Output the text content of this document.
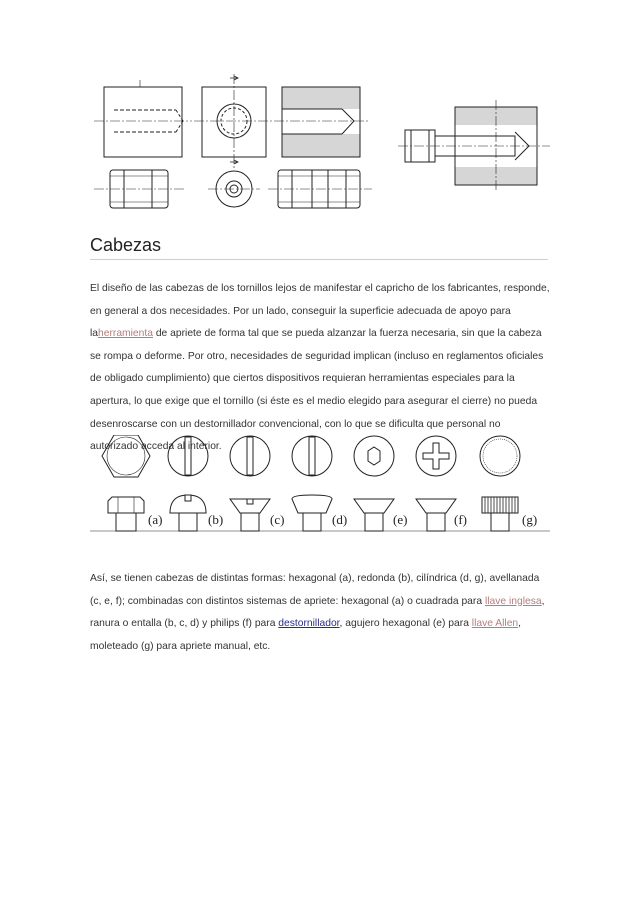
Cabezas

El diseño de las cabezas de los tornillos lejos de manifestar el capricho de los fabricantes, responde,
en general a dos necesidades. Por un lado, conseguir la superficie adecuada de apoyo para
laherramienta de apriete de forma tal que se pueda alzanzar la fuerza necesaria, sin que la cabeza
se rompa o deforme. Por otro, necesidades de seguridad implican (incluso en reglamentos oficiales
de obligado cumplimiento) que ciertos dispositivos requieran herramientas especiales para la
apertura, lo que exige que el tornillo (si éste es el medio elegido para asegurar el cierre) no pueda
desenroscarse con un destornillador convencional, con lo que se dificulta que personal no
autorizado acceda al interior.

(a)	(b)	(c)	(d)	(e)	(f)	(g)

Así, se tienen cabezas de distintas formas: hexagonal (a), redonda (b), cilíndrica (d, g), avellanada
(c, e, f); combinadas con distintos sistemas de apriete: hexagonal (a) o cuadrada para llave inglesa,
ranura o entalla (b, c, d) y philips (f) para destornillador, agujero hexagonal (e) para llave Allen,
moleteado (g) para apriete manual, etc.
